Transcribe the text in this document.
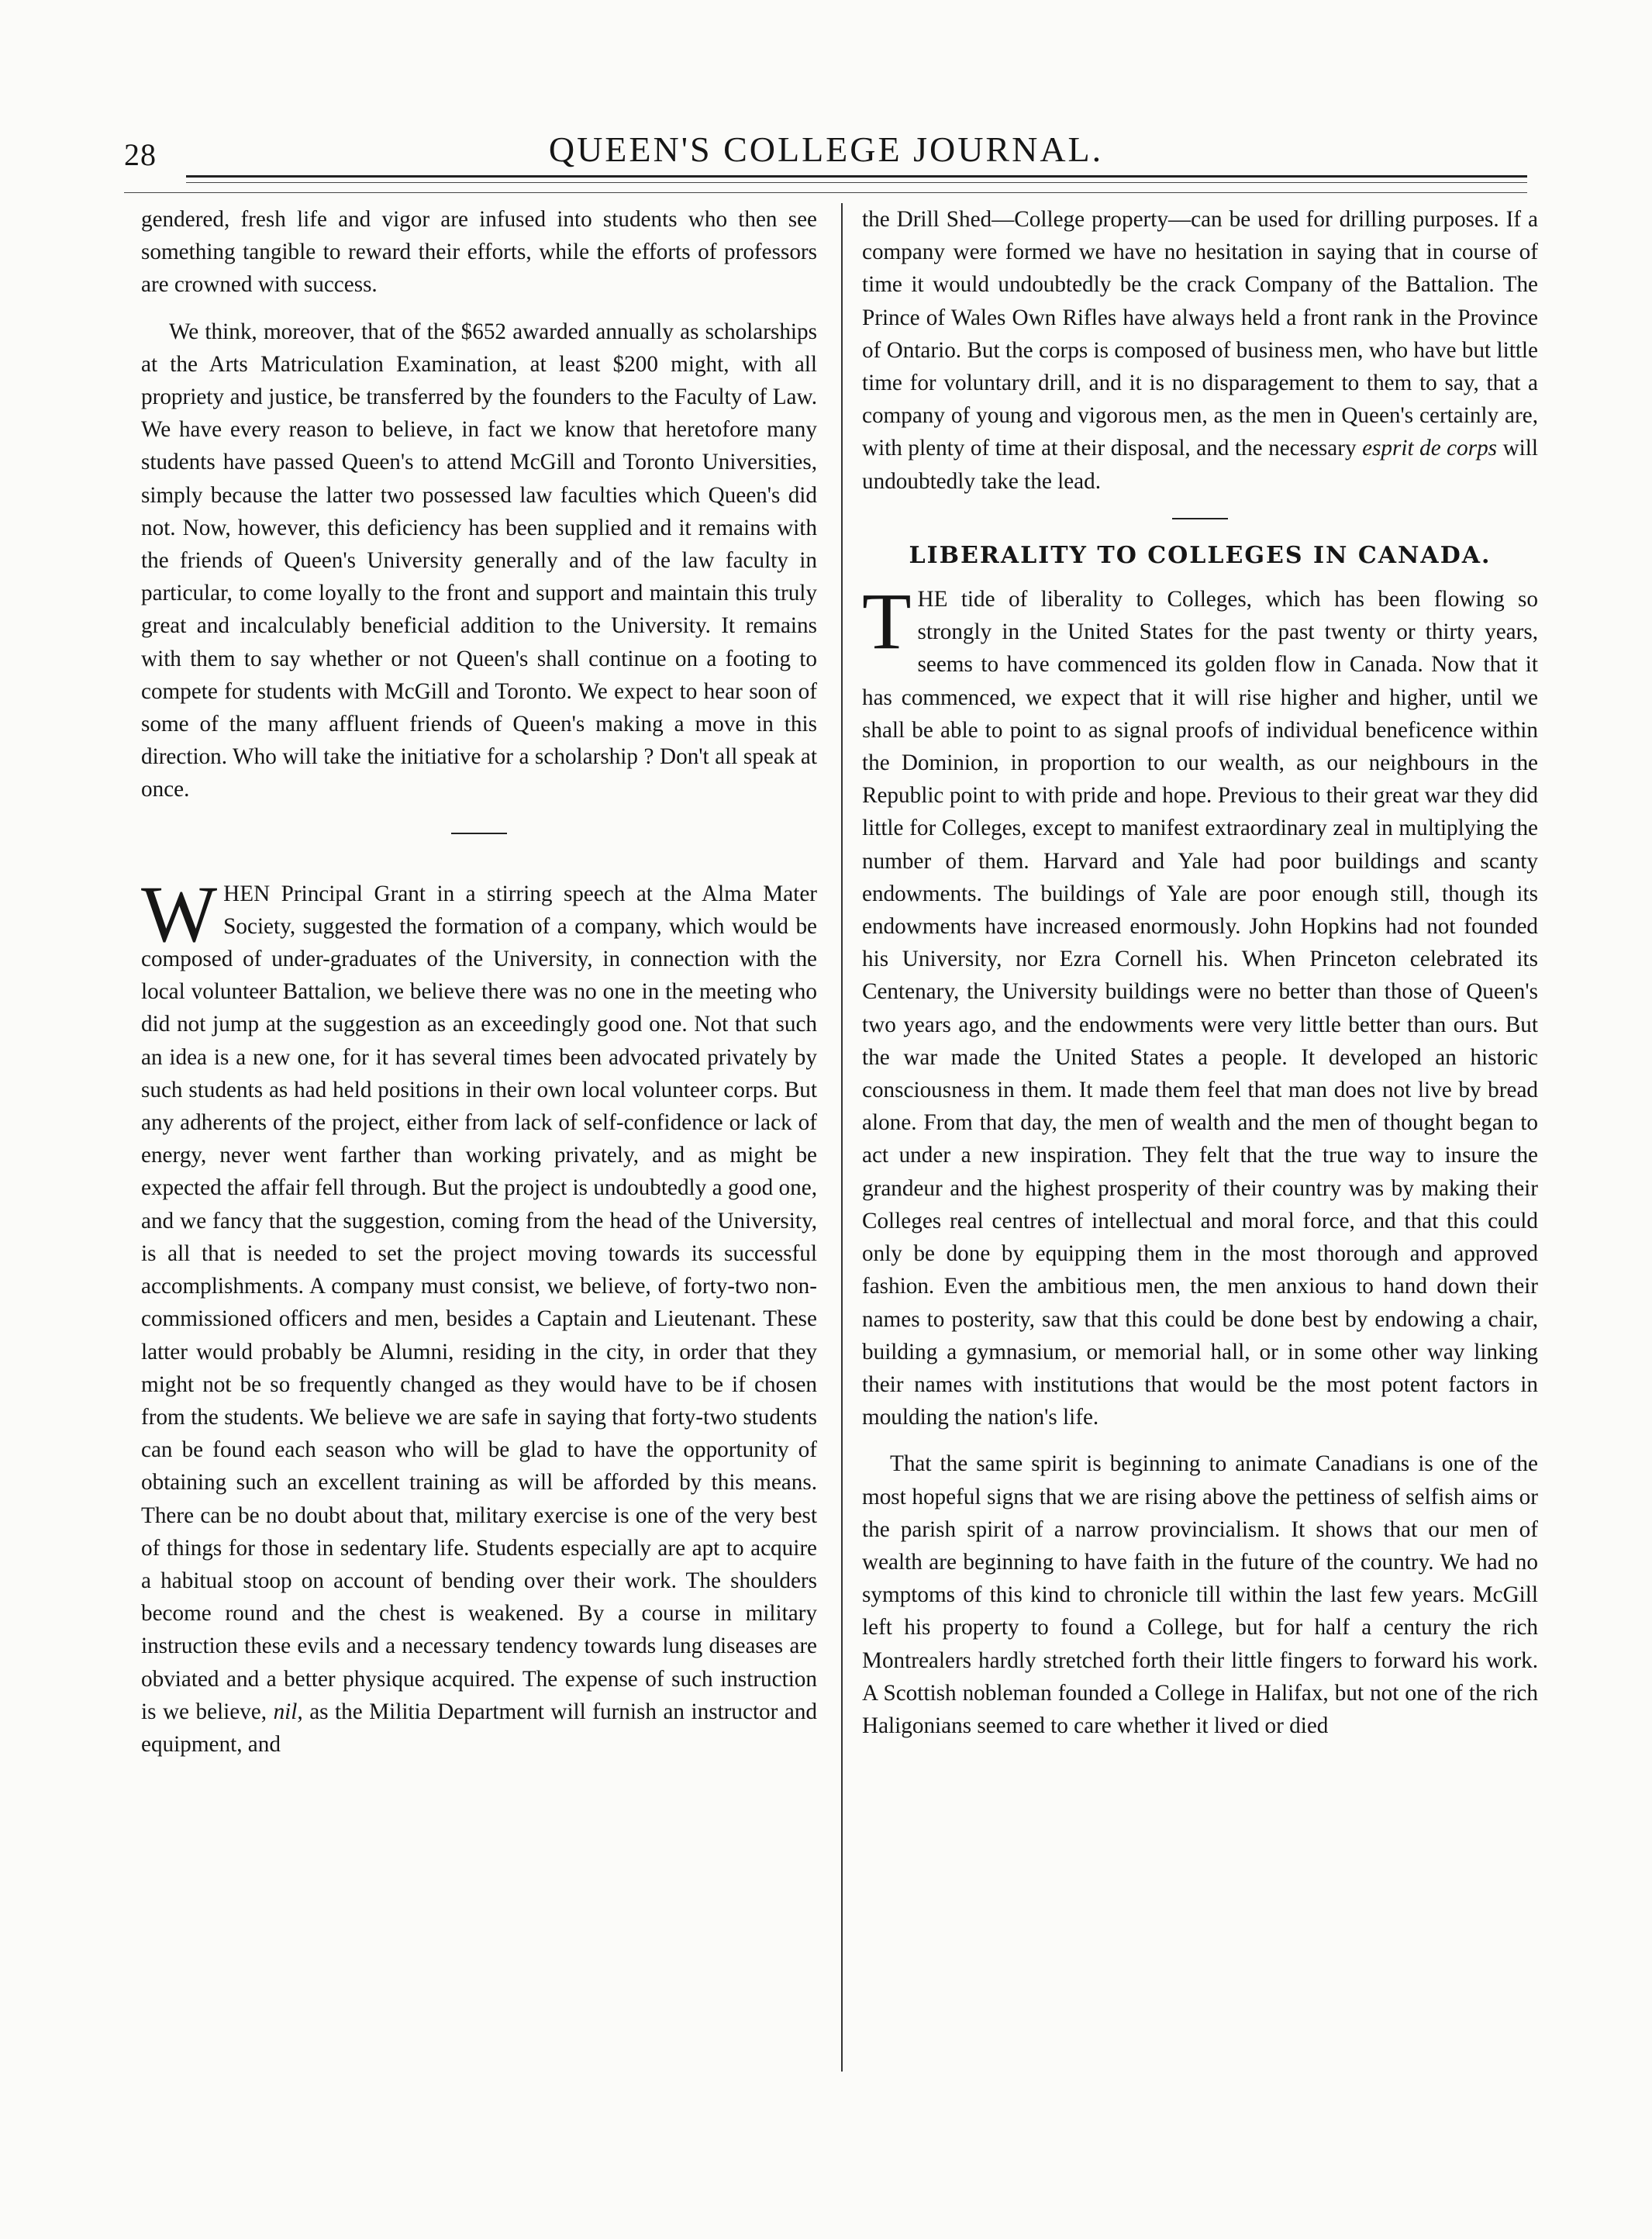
28	QUEEN'S COLLEGE JOURNAL.

gendered, fresh life and vigor are infused into students who then see something tangible to reward their efforts, while the efforts of professors are crowned with success.

We think, moreover, that of the $652 awarded annually as scholarships at the Arts Matriculation Examination, at least $200 might, with all propriety and justice, be transferred by the founders to the Faculty of Law. We have every reason to believe, in fact we know that heretofore many students have passed Queen's to attend McGill and Toronto Universities, simply because the latter two possessed law faculties which Queen's did not. Now, however, this deficiency has been supplied and it remains with the friends of Queen's University generally and of the law faculty in particular, to come loyally to the front and support and maintain this truly great and incalculably beneficial addition to the University. It remains with them to say whether or not Queen's shall continue on a footing to compete for students with McGill and Toronto. We expect to hear soon of some of the many affluent friends of Queen's making a move in this direction. Who will take the initiative for a scholarship ? Don't all speak at once.

WHEN Principal Grant in a stirring speech at the Alma Mater Society, suggested the formation of a company, which would be composed of under-graduates of the University, in connection with the local volunteer Battalion, we believe there was no one in the meeting who did not jump at the suggestion as an exceedingly good one. Not that such an idea is a new one, for it has several times been advocated privately by such students as had held positions in their own local volunteer corps. But any adherents of the project, either from lack of self-confidence or lack of energy, never went farther than working privately, and as might be expected the affair fell through. But the project is undoubtedly a good one, and we fancy that the suggestion, coming from the head of the University, is all that is needed to set the project moving towards its successful accomplishments. A company must consist, we believe, of forty-two non-commissioned officers and men, besides a Captain and Lieutenant. These latter would probably be Alumni, residing in the city, in order that they might not be so frequently changed as they would have to be if chosen from the students. We believe we are safe in saying that forty-two students can be found each season who will be glad to have the opportunity of obtaining such an excellent training as will be afforded by this means. There can be no doubt about that, military exercise is one of the very best of things for those in sedentary life. Students especially are apt to acquire a habitual stoop on account of bending over their work. The shoulders become round and the chest is weakened. By a course in military instruction these evils and a necessary tendency towards lung diseases are obviated and a better physique acquired. The expense of such instruction is we believe, nil, as the Militia Department will furnish an instructor and equipment, and

the Drill Shed—College property—can be used for drilling purposes. If a company were formed we have no hesitation in saying that in course of time it would undoubtedly be the crack Company of the Battalion. The Prince of Wales Own Rifles have always held a front rank in the Province of Ontario. But the corps is composed of business men, who have but little time for voluntary drill, and it is no disparagement to them to say, that a company of young and vigorous men, as the men in Queen's certainly are, with plenty of time at their disposal, and the necessary esprit de corps will undoubtedly take the lead.

LIBERALITY TO COLLEGES IN CANADA.

THE tide of liberality to Colleges, which has been flowing so strongly in the United States for the past twenty or thirty years, seems to have commenced its golden flow in Canada. Now that it has commenced, we expect that it will rise higher and higher, until we shall be able to point to as signal proofs of individual beneficence within the Dominion, in proportion to our wealth, as our neighbours in the Republic point to with pride and hope. Previous to their great war they did little for Colleges, except to manifest extraordinary zeal in multiplying the number of them. Harvard and Yale had poor buildings and scanty endowments. The buildings of Yale are poor enough still, though its endowments have increased enormously. John Hopkins had not founded his University, nor Ezra Cornell his. When Princeton celebrated its Centenary, the University buildings were no better than those of Queen's two years ago, and the endowments were very little better than ours. But the war made the United States a people. It developed an historic consciousness in them. It made them feel that man does not live by bread alone. From that day, the men of wealth and the men of thought began to act under a new inspiration. They felt that the true way to insure the grandeur and the highest prosperity of their country was by making their Colleges real centres of intellectual and moral force, and that this could only be done by equipping them in the most thorough and approved fashion. Even the ambitious men, the men anxious to hand down their names to posterity, saw that this could be done best by endowing a chair, building a gymnasium, or memorial hall, or in some other way linking their names with institutions that would be the most potent factors in moulding the nation's life.

That the same spirit is beginning to animate Canadians is one of the most hopeful signs that we are rising above the pettiness of selfish aims or the parish spirit of a narrow provincialism. It shows that our men of wealth are beginning to have faith in the future of the country. We had no symptoms of this kind to chronicle till within the last few years. McGill left his property to found a College, but for half a century the rich Montrealers hardly stretched forth their little fingers to forward his work. A Scottish nobleman founded a College in Halifax, but not one of the rich Haligonians seemed to care whether it lived or died
